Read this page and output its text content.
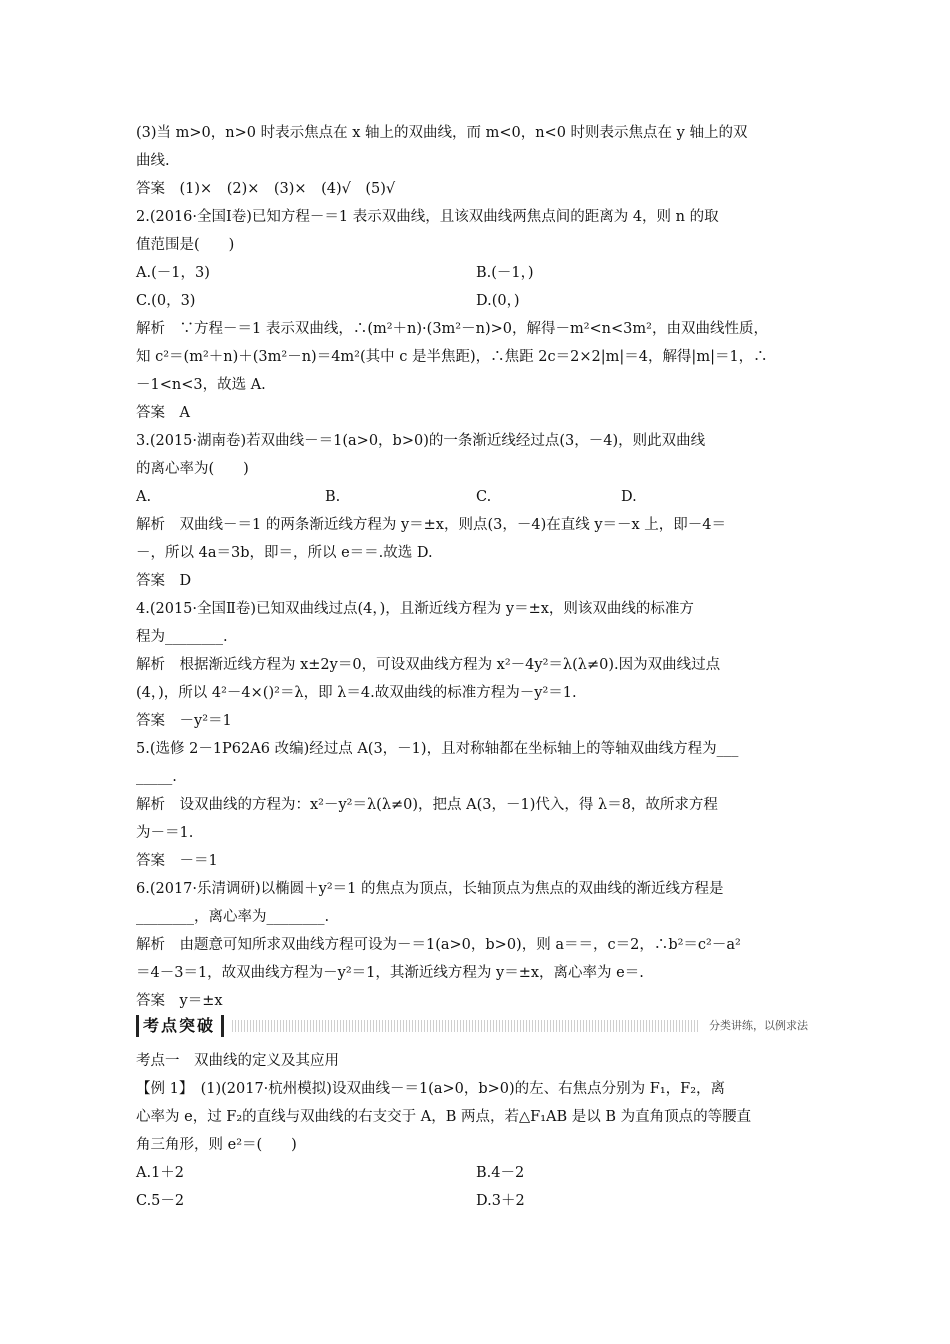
(3)当 m>0，n>0 时表示焦点在 x 轴上的双曲线，而 m<0，n<0 时则表示焦点在 y 轴上的双
曲线.
答案　(1)×　(2)×　(3)×　(4)√　(5)√
2.(2016·全国Ⅰ卷)已知方程－＝1 表示双曲线，且该双曲线两焦点间的距离为 4，则 n 的取
值范围是(　　)
A.(－1，3)	B.(－1，)
C.(0，3)	D.(0，)
解析　∵方程－＝1 表示双曲线，∴(m²＋n)·(3m²－n)>0，解得－m²<n<3m²，由双曲线性质，
知 c²＝(m²＋n)＋(3m²－n)＝4m²(其中 c 是半焦距)，∴焦距 2c＝2×2|m|＝4，解得|m|＝1，∴
－1<n<3，故选 A.
答案　A
3.(2015·湖南卷)若双曲线－＝1(a>0，b>0)的一条渐近线经过点(3，－4)，则此双曲线
的离心率为(　　)
A.	B.	C.	D.
解析　双曲线－＝1 的两条渐近线方程为 y＝±x，则点(3，－4)在直线 y＝－x 上，即－4＝
－，所以 4a＝3b，即＝，所以 e＝＝.故选 D.
答案　D
4.(2015·全国Ⅱ卷)已知双曲线过点(4，)，且渐近线方程为 y＝±x，则该双曲线的标准方
程为________.
解析　根据渐近线方程为 x±2y＝0，可设双曲线方程为 x²－4y²＝λ(λ≠0).因为双曲线过点
(4，)，所以 4²－4×()²＝λ，即 λ＝4.故双曲线的标准方程为－y²＝1.
答案　－y²＝1
5.(选修 2－1P62A6 改编)经过点 A(3，－1)，且对称轴都在坐标轴上的等轴双曲线方程为___
_____.
解析　设双曲线的方程为：x²－y²＝λ(λ≠0)，把点 A(3，－1)代入，得 λ＝8，故所求方程
为－＝1.
答案　－＝1
6.(2017·乐清调研)以椭圆＋y²＝1 的焦点为顶点，长轴顶点为焦点的双曲线的渐近线方程是
________，离心率为________.
解析　由题意可知所求双曲线方程可设为－＝1(a>0，b>0)，则 a＝＝，c＝2，∴b²＝c²－a²
＝4－3＝1，故双曲线方程为－y²＝1，其渐近线方程为 y＝±x，离心率为 e＝.
答案　y＝±x
考点突破	分类讲练，以例求法
考点一　双曲线的定义及其应用
【例 1】　(1)(2017·杭州模拟)设双曲线－＝1(a>0，b>0)的左、右焦点分别为 F₁，F₂，离
心率为 e，过 F₂的直线与双曲线的右支交于 A，B 两点，若△F₁AB 是以 B 为直角顶点的等腰直
角三角形，则 e²＝(　　)
A.1＋2	B.4－2
C.5－2	D.3＋2
